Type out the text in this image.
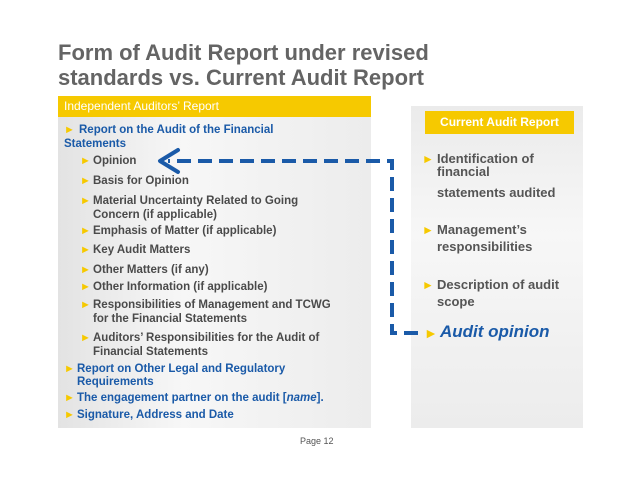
Form of Audit Report under revised
standards vs. Current Audit Report
Independent Auditors’ Report
► Report on the Audit of the Financial
Statements
► Opinion
► Basis for Opinion
► Material Uncertainty Related to Going
Concern (if applicable)
► Emphasis of Matter (if applicable)
► Key Audit Matters
► Other Matters (if any)
► Other Information (if applicable)
► Responsibilities of Management and TCWG
for the Financial Statements
► Auditors’ Responsibilities for the Audit of
Financial Statements
► Report on Other Legal and Regulatory
Requirements
► The engagement partner on the audit [name].
► Signature, Address and Date
Current Audit Report
► Identification of
financial
statements audited
► Management’s
responsibilities
► Description of audit
scope
► Audit opinion
Page 12
